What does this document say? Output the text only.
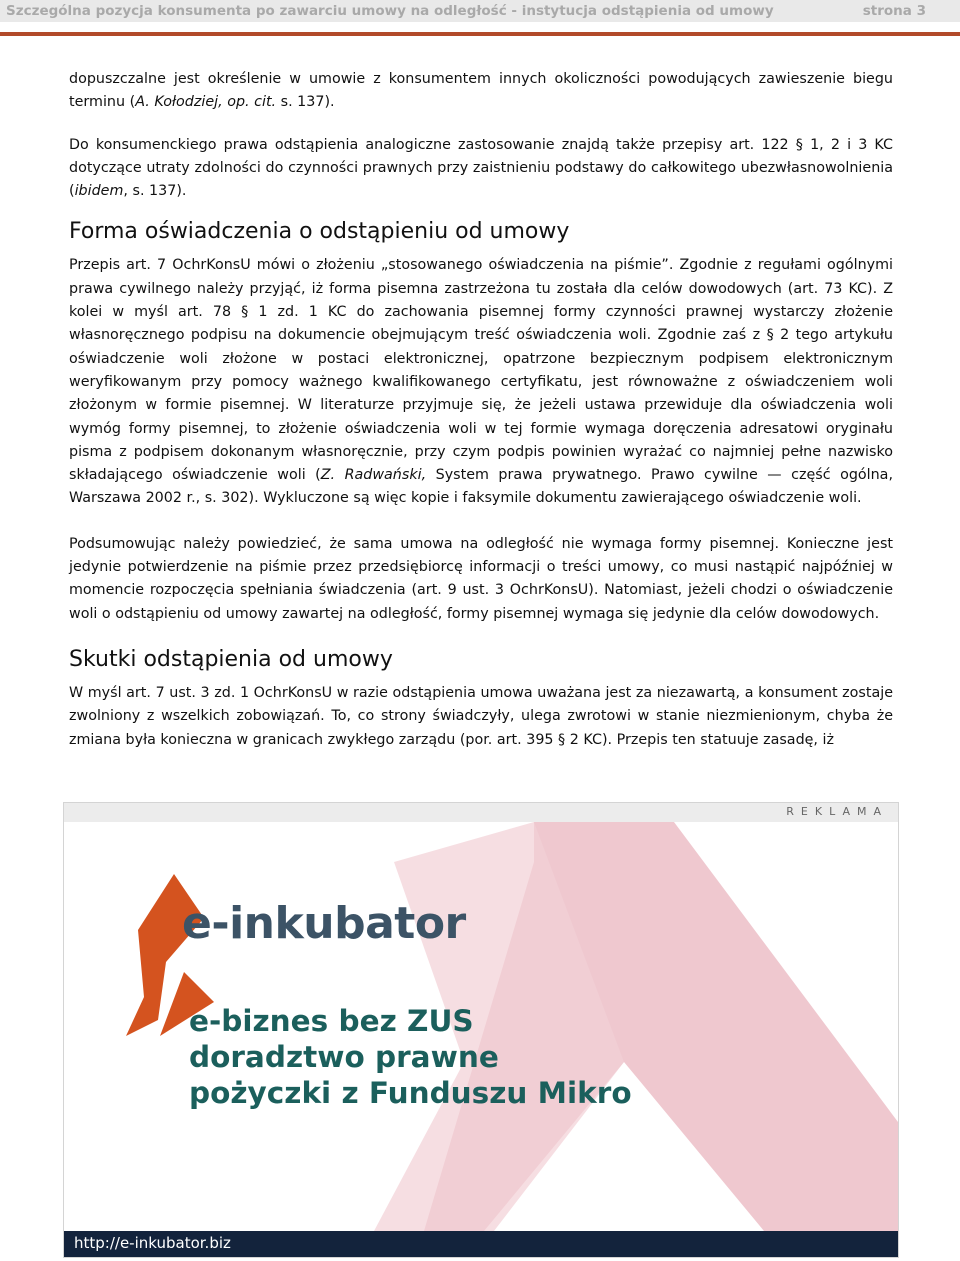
Szczególna pozycja konsumenta po zawarciu umowy na odległość - instytucja odstąpienia od umowy	strona 3

dopuszczalne jest określenie w umowie z konsumentem innych okoliczności powodujących zawieszenie biegu terminu (A. Kołodziej, op. cit. s. 137).

Do konsumenckiego prawa odstąpienia analogiczne zastosowanie znajdą także przepisy art. 122 § 1, 2 i 3 KC dotyczące utraty zdolności do czynności prawnych przy zaistnieniu podstawy do całkowitego ubezwłasnowolnienia (ibidem, s. 137).

Forma oświadczenia o odstąpieniu od umowy

Przepis art. 7 OchrKonsU mówi o złożeniu „stosowanego oświadczenia na piśmie”. Zgodnie z regułami ogólnymi prawa cywilnego należy przyjąć, iż forma pisemna zastrzeżona tu została dla celów dowodowych (art. 73 KC). Z kolei w myśl art. 78 § 1 zd. 1 KC do zachowania pisemnej formy czynności prawnej wystarczy złożenie własnoręcznego podpisu na dokumencie obejmującym treść oświadczenia woli. Zgodnie zaś z § 2 tego artykułu oświadczenie woli złożone w postaci elektronicznej, opatrzone bezpiecznym podpisem elektronicznym weryfikowanym przy pomocy ważnego kwalifikowanego certyfikatu, jest równoważne z oświadczeniem woli złożonym w formie pisemnej. W literaturze przyjmuje się, że jeżeli ustawa przewiduje dla oświadczenia woli wymóg formy pisemnej, to złożenie oświadczenia woli w tej formie wymaga doręczenia adresatowi oryginału pisma z podpisem dokonanym własnoręcznie, przy czym podpis powinien wyrażać co najmniej pełne nazwisko składającego oświadczenie woli (Z. Radwański, System prawa prywatnego. Prawo cywilne — część ogólna, Warszawa 2002 r., s. 302). Wykluczone są więc kopie i faksymile dokumentu zawierającego oświadczenie woli.

Podsumowując należy powiedzieć, że sama umowa na odległość nie wymaga formy pisemnej. Konieczne jest jedynie potwierdzenie na piśmie przez przedsiębiorcę informacji o treści umowy, co musi nastąpić najpóźniej w momencie rozpoczęcia spełniania świadczenia (art. 9 ust. 3 OchrKonsU). Natomiast, jeżeli chodzi o oświadczenie woli o odstąpieniu od umowy zawartej na odległość, formy pisemnej wymaga się jedynie dla celów dowodowych.

Skutki odstąpienia od umowy

W myśl art. 7 ust. 3 zd. 1 OchrKonsU w razie odstąpienia umowa uważana jest za niezawartą, a konsument zostaje zwolniony z wszelkich zobowiązań. To, co strony świadczyły, ulega zwrotowi w stanie niezmienionym, chyba że zmiana była konieczna w granicach zwykłego zarządu (por. art. 395 § 2 KC). Przepis ten statuuje zasadę, iż

REKLAMA
e-inkubator
e-biznes bez ZUS
doradztwo prawne
pożyczki z Funduszu Mikro
http://e-inkubator.biz
